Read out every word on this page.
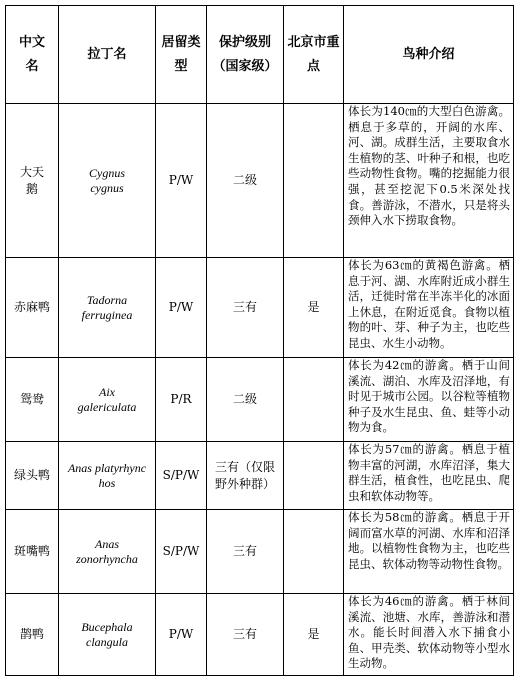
中文名	拉丁名	居留类型	保护级别（国家级）	北京市重点	鸟种介绍
大天鹅	Cygnus cygnus	P/W	二级		体长为140㎝的大型白色游禽。栖息于多草的，开阔的水库、河、湖。成群生活，主要取食水生植物的茎、叶种子和根，也吃些动物性食物。嘴的挖掘能力很强，甚至挖泥下0.5米深处找食。善游泳，不潜水，只是将头颈伸入水下捞取食物。
赤麻鸭	Tadorna ferruginea	P/W	三有	是	体长为63㎝的黄褐色游禽。栖息于河、湖、水库附近成小群生活，迁徙时常在半冻半化的冰面上休息，在附近觅食。食物以植物的叶、芽、种子为主，也吃些昆虫、水生小动物。
鸳鸯	Aix galericulata	P/R	二级		体长为42㎝的游禽。栖于山间溪流、湖泊、水库及沼泽地，有时见于城市公园。以谷粒等植物种子及水生昆虫、鱼、蛙等小动物为食。
绿头鸭	Anas platyrhynchos	S/P/W	三有（仅限野外种群）		体长为57㎝的游禽。栖息于植物丰富的河湖，水库沼泽，集大群生活，植食性，也吃昆虫、爬虫和软体动物等。
斑嘴鸭	Anas zonorhyncha	S/P/W	三有		体长为58㎝的游禽。栖息于开阔而富水草的河湖、水库和沼泽地。以植物性食物为主，也吃些昆虫、软体动物等动物性食物。
鹊鸭	Bucephala clangula	P/W	三有	是	体长为46㎝的游禽。栖于林间溪流、池塘、水库，善游泳和潜水。能长时间潜入水下捕食小鱼、甲壳类、软体动物等小型水生动物。
